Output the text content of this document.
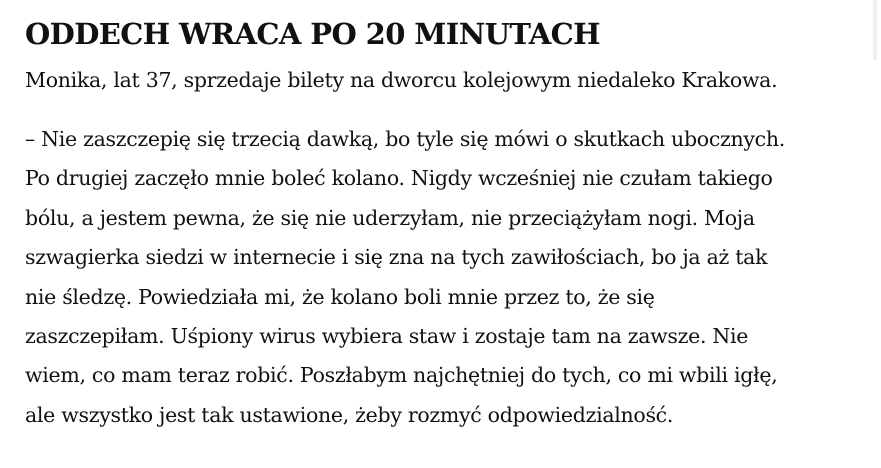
ODDECH WRACA PO 20 MINUTACH

Monika, lat 37, sprzedaje bilety na dworcu kolejowym niedaleko Krakowa.

– Nie zaszczepię się trzecią dawką, bo tyle się mówi o skutkach ubocznych.
Po drugiej zaczęło mnie boleć kolano. Nigdy wcześniej nie czułam takiego
bólu, a jestem pewna, że się nie uderzyłam, nie przeciążyłam nogi. Moja
szwagierka siedzi w internecie i się zna na tych zawiłościach, bo ja aż tak
nie śledzę. Powiedziała mi, że kolano boli mnie przez to, że się
zaszczepiłam. Uśpiony wirus wybiera staw i zostaje tam na zawsze. Nie
wiem, co mam teraz robić. Poszłabym najchętniej do tych, co mi wbili igłę,
ale wszystko jest tak ustawione, żeby rozmyć odpowiedzialność.
